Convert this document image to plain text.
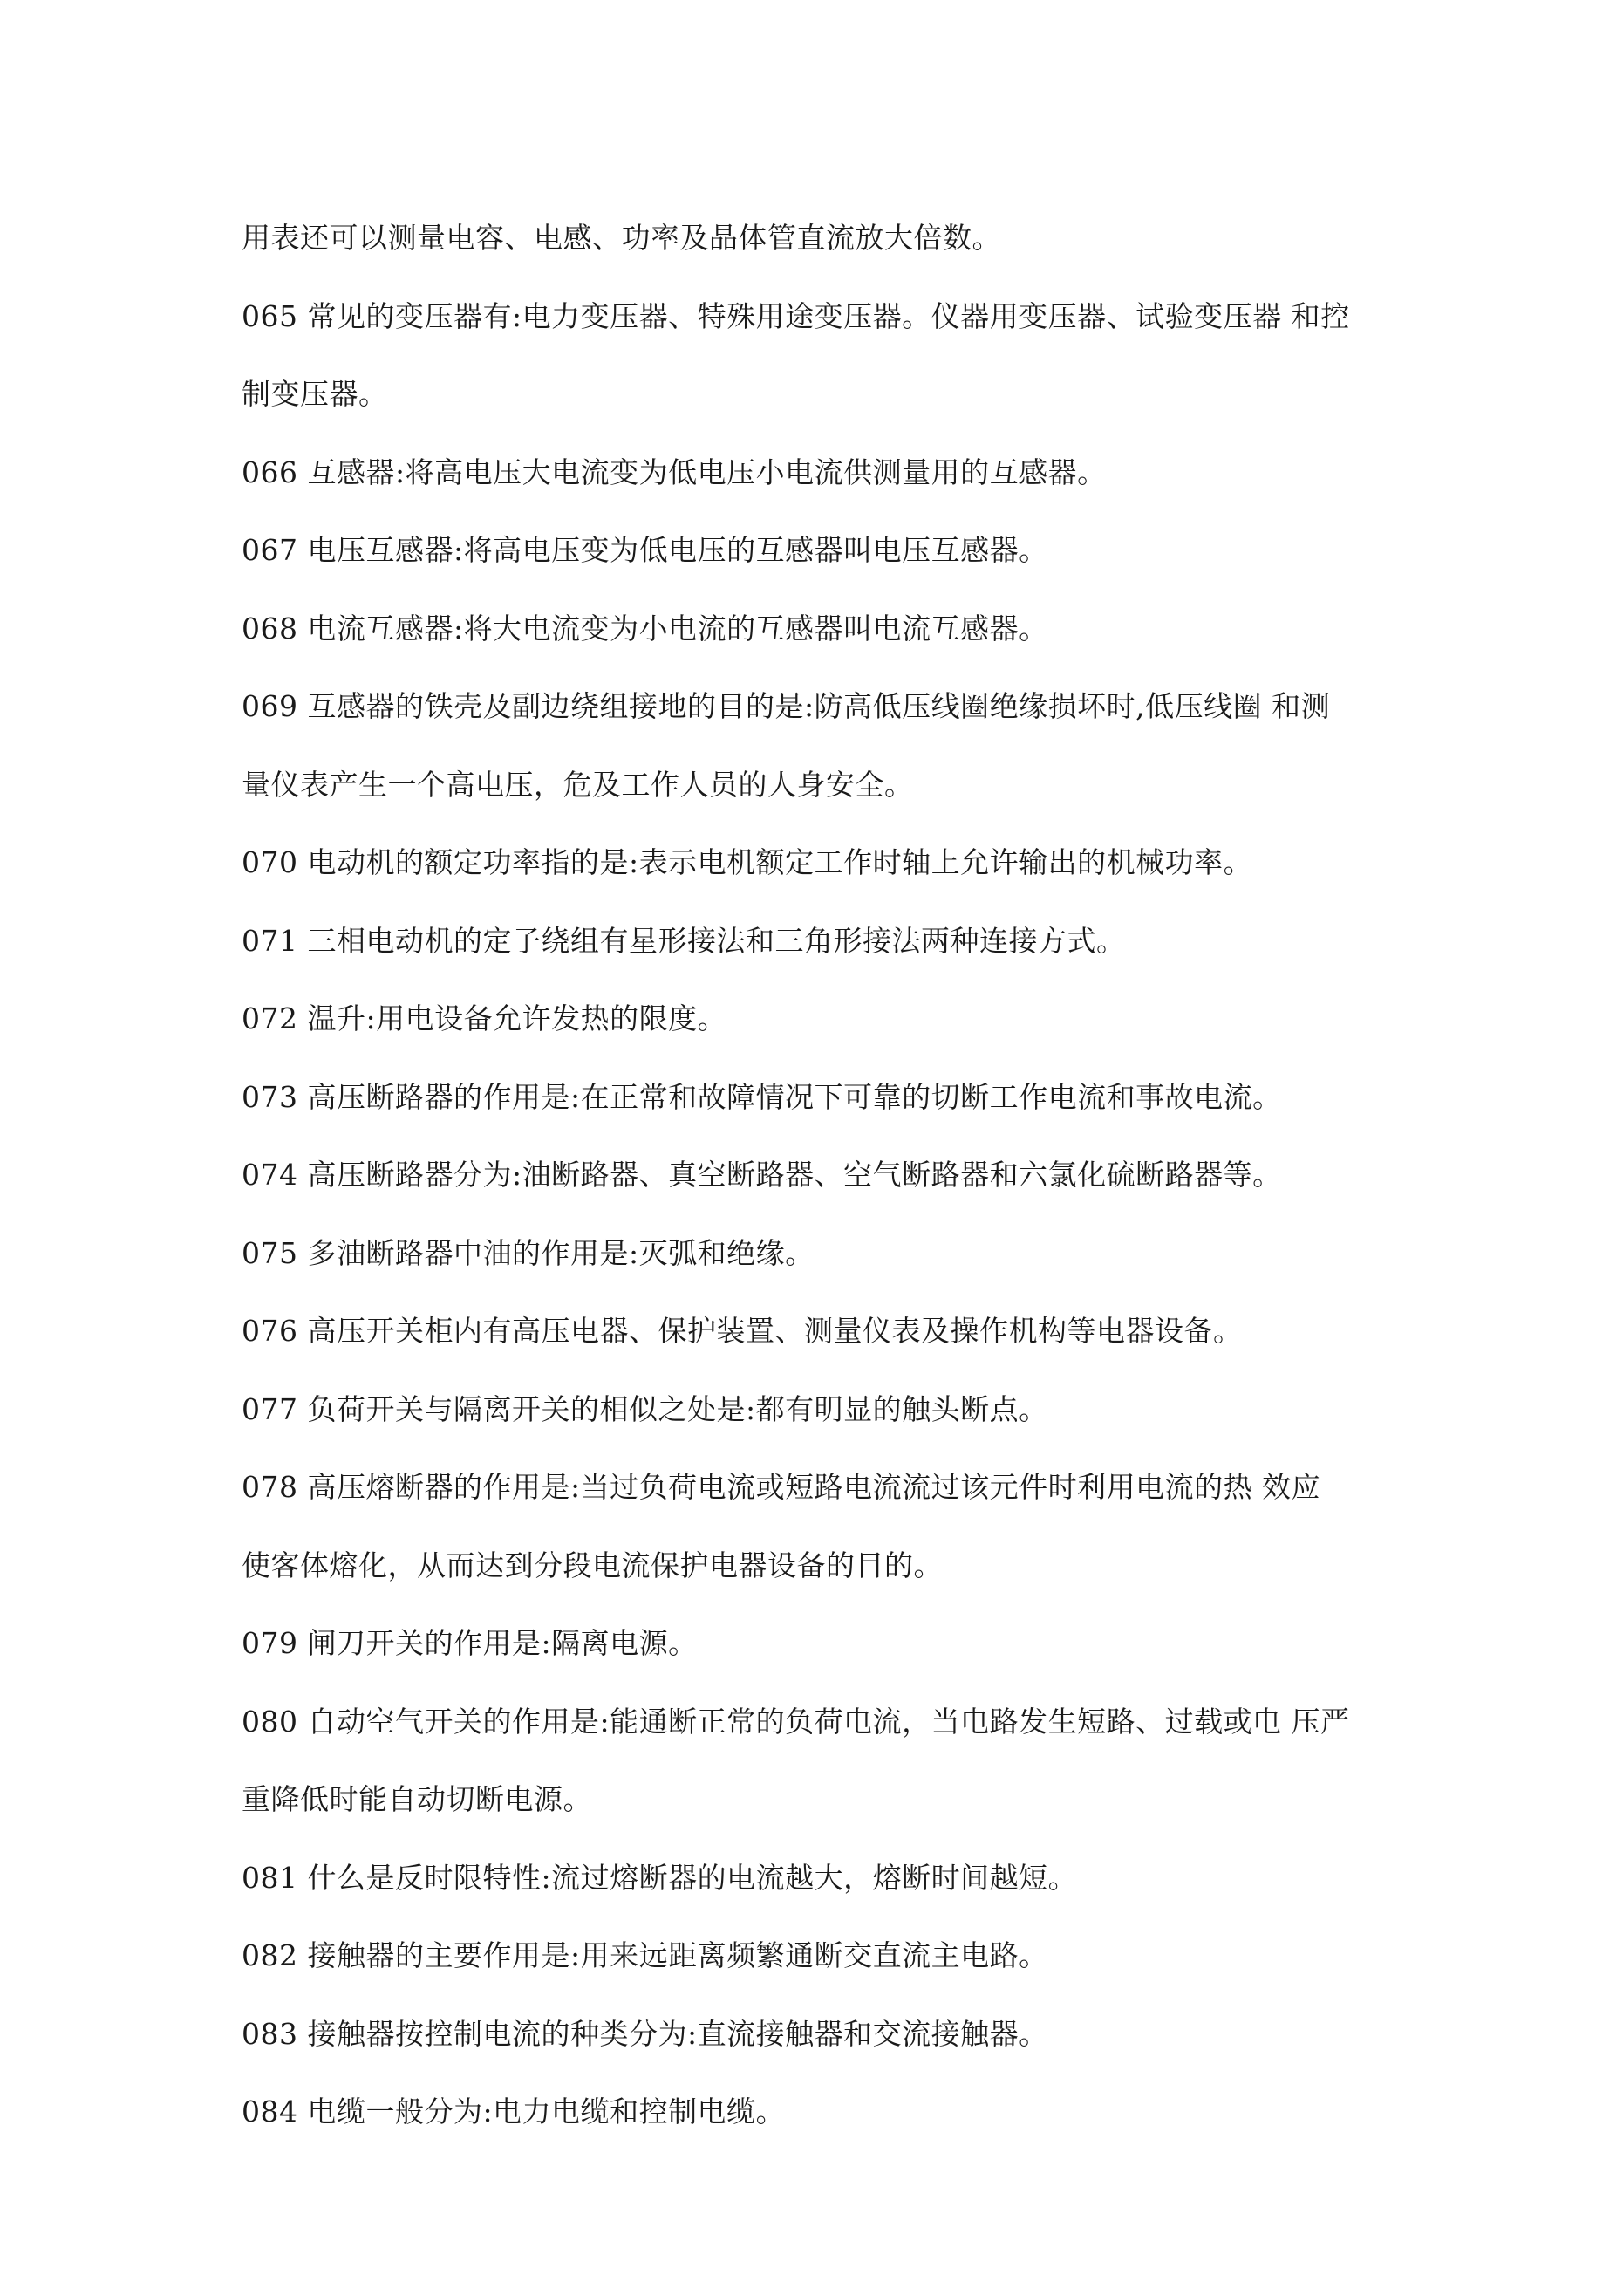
用表还可以测量电容、电感、功率及晶体管直流放大倍数。
065 常见的变压器有:电力变压器、特殊用途变压器。仪器用变压器、试验变压器 和控
制变压器。
066 互感器:将高电压大电流变为低电压小电流供测量用的互感器。
067 电压互感器:将高电压变为低电压的互感器叫电压互感器。
068 电流互感器:将大电流变为小电流的互感器叫电流互感器。
069 互感器的铁壳及副边绕组接地的目的是:防高低压线圈绝缘损坏时,低压线圈 和测
量仪表产生一个高电压，危及工作人员的人身安全。
070 电动机的额定功率指的是:表示电机额定工作时轴上允许输出的机械功率。
071 三相电动机的定子绕组有星形接法和三角形接法两种连接方式。
072 温升:用电设备允许发热的限度。
073 高压断路器的作用是:在正常和故障情况下可靠的切断工作电流和事故电流。
074 高压断路器分为:油断路器、真空断路器、空气断路器和六氯化硫断路器等。
075 多油断路器中油的作用是:灭弧和绝缘。
076 高压开关柜内有高压电器、保护装置、测量仪表及操作机构等电器设备。
077 负荷开关与隔离开关的相似之处是:都有明显的触头断点。
078 高压熔断器的作用是:当过负荷电流或短路电流流过该元件时利用电流的热 效应
使客体熔化，从而达到分段电流保护电器设备的目的。
079 闸刀开关的作用是:隔离电源。
080 自动空气开关的作用是:能通断正常的负荷电流，当电路发生短路、过载或电 压严
重降低时能自动切断电源。
081 什么是反时限特性:流过熔断器的电流越大，熔断时间越短。
082 接触器的主要作用是:用来远距离频繁通断交直流主电路。
083 接触器按控制电流的种类分为:直流接触器和交流接触器。
084 电缆一般分为:电力电缆和控制电缆。
